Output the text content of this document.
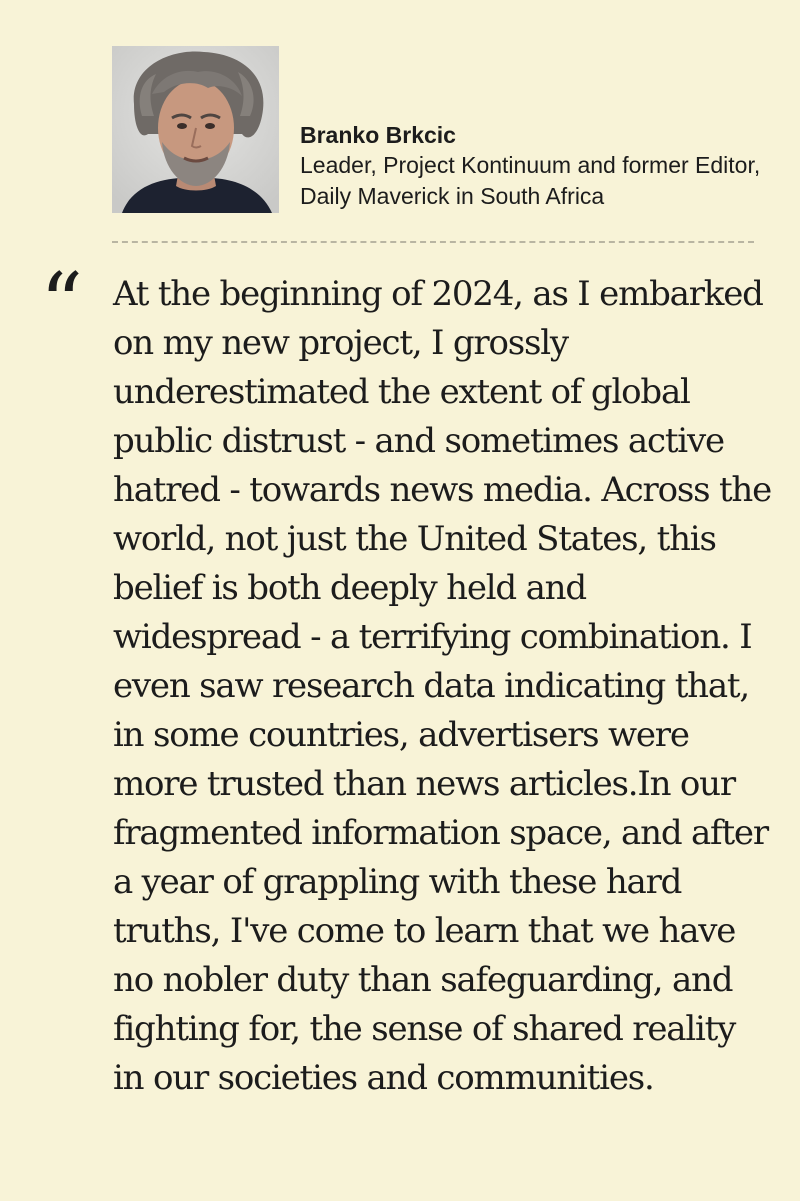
Branko Brkcic
Leader, Project Kontinuum and former Editor, Daily Maverick in South Africa
“ At the beginning of 2024, as I embarked on my new project, I grossly underestimated the extent of global public distrust - and sometimes active hatred - towards news media. Across the world, not just the United States, this belief is both deeply held and widespread - a terrifying combination. I even saw research data indicating that, in some countries, advertisers were more trusted than news articles.In our fragmented information space, and after a year of grappling with these hard truths, I've come to learn that we have no nobler duty than safeguarding, and fighting for, the sense of shared reality in our societies and communities.
